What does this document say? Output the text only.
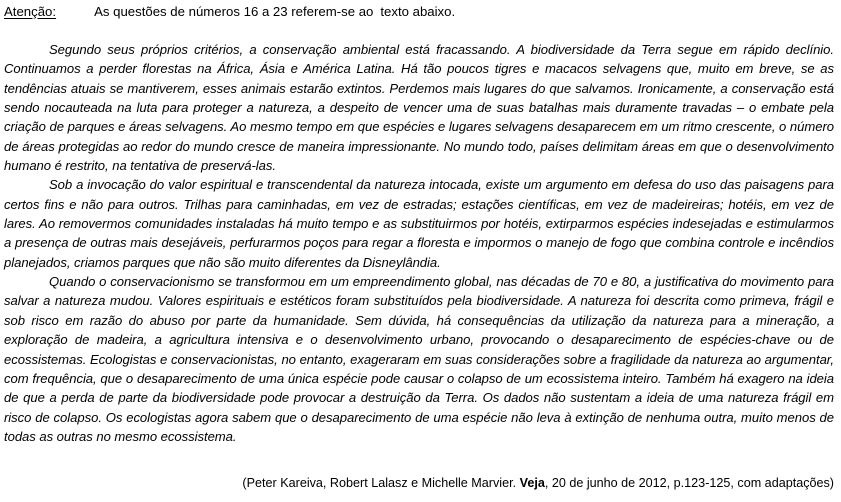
Atenção:	As questões de números 16 a 23 referem-se ao texto abaixo.

Segundo seus próprios critérios, a conservação ambiental está fracassando. A biodiversidade da Terra segue em rápido declínio. Continuamos a perder florestas na África, Ásia e América Latina. Há tão poucos tigres e macacos selvagens que, muito em breve, se as tendências atuais se mantiverem, esses animais estarão extintos. Perdemos mais lugares do que salvamos. Ironicamente, a conservação está sendo nocauteada na luta para proteger a natureza, a despeito de vencer uma de suas batalhas mais duramente travadas – o embate pela criação de parques e áreas selvagens. Ao mesmo tempo em que espécies e lugares selvagens desaparecem em um ritmo crescente, o número de áreas protegidas ao redor do mundo cresce de maneira impressionante. No mundo todo, países delimitam áreas em que o desenvolvimento humano é restrito, na tentativa de preservá-las.

Sob a invocação do valor espiritual e transcendental da natureza intocada, existe um argumento em defesa do uso das paisagens para certos fins e não para outros. Trilhas para caminhadas, em vez de estradas; estações científicas, em vez de madeireiras; hotéis, em vez de lares. Ao removermos comunidades instaladas há muito tempo e as substituirmos por hotéis, extirparmos espécies indesejadas e estimularmos a presença de outras mais desejáveis, perfurarmos poços para regar a floresta e impormos o manejo de fogo que combina controle e incêndios planejados, criamos parques que não são muito diferentes da Disneylândia.

Quando o conservacionismo se transformou em um empreendimento global, nas décadas de 70 e 80, a justificativa do movimento para salvar a natureza mudou. Valores espirituais e estéticos foram substituídos pela biodiversidade. A natureza foi descrita como primeva, frágil e sob risco em razão do abuso por parte da humanidade. Sem dúvida, há consequências da utilização da natureza para a mineração, a exploração de madeira, a agricultura intensiva e o desenvolvimento urbano, provocando o desaparecimento de espécies-chave ou de ecossistemas. Ecologistas e conservacionistas, no entanto, exageraram em suas considerações sobre a fragilidade da natureza ao argumentar, com frequência, que o desaparecimento de uma única espécie pode causar o colapso de um ecossistema inteiro. Também há exagero na ideia de que a perda de parte da biodiversidade pode provocar a destruição da Terra. Os dados não sustentam a ideia de uma natureza frágil em risco de colapso. Os ecologistas agora sabem que o desaparecimento de uma espécie não leva à extinção de nenhuma outra, muito menos de todas as outras no mesmo ecossistema.

(Peter Kareiva, Robert Lalasz e Michelle Marvier. Veja, 20 de junho de 2012, p.123-125, com adaptações)
